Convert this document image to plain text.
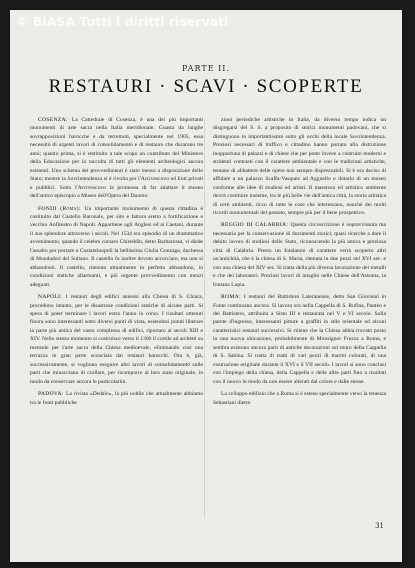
© BiASA Tutti i diritti riservati
PARTE II.
RESTAURI · SCAVI · SCOPERTE

COSENZA: La Cattedrale di Cosenza, è una dei più importanti monumenti di arte sacra nella Italia meridionale. Guasta da lunghe sovrapposizioni barocche e da terremoti, specialmente nel 1905, essa necessitò di urgenti lavori di consolidamento e di restauro che durarono tre anni; quanto prima, si è restituito a tale scopo un contributo del Ministero della Educazione per la raccolta di tutti gli elementi archeologici ancora esistenti. Uno schema dei provvedimenti è stato messo a disposizione dello Stato; mentre la Sovrintendenza si è rivolta per l'Arcivescovo ed Enti privati e pubblici. Sotto l'Arcivescovo la promessa di far adattare il museo dell'antico episcopio a Museo dell'Opera del Duomo.

FONDI (Roma): Un importante monumento di questa cittadina è costituito dal Castello Baronale, per sito e fattura eretto a fortificazione e vecchio Anfiteatro di Napoli. Appartiene agli Anglesi ed ai Caetani, durante il suo splendore attraverso i secoli. Nel 1534 era episodio di un drammatico avvenimento, quando il celebre corsaro Chireddin, detto Barbarossa, vi diede l'assalto per portare a Costantinopoli la bellissima Giulia Gonzaga, duchessa di Mondadori del Sultano. Il castello fu inoltre dovuto accorciare, ma non si abbandonò. Il castello, ritenuto attualmente in perfetto abbandono, in condizioni statiche allarmanti, e più urgente provvedimento con mezzi adeguati.

NAPOLI: I restauri degli edifici annessi alla Chiesa di S. Chiara, procedono intanto, per le disastrose condizioni statiche di alcune parti. Si spera di poter terminare i lavori entro l'anno in corso. I risultati ottenuti finora sono interessanti sotto diversi punti di vista, essendosi potuti liberare la parte più antica del vasto complesso di edifici, riportato ai secoli XIII e XIV. Nello stesso momento si costruisce verso il 1300 il cortile ad archetti su mensole per l'arte sacra della Chiesa medioevale, eliminando così una terrazza in gran parte sconciata dai restauri barocchi. Ora è, già, successivamente, si vogliono eseguire altri lavori di consolidamento sulle parti che minacciano di crollare, per ricomporre al loro stato originale, in modo da conservare ancora le particolarità.

PADOVA: La rivista «Dedalo», la più nobile che attualmente abbiamo tra le fonti pubbliche

zioni periodiche artistiche in Italia, da diverso tempo indica un disgregarsi del S. S. a proposito di storici monumenti padovani, che si distinguono in importantissimi sotto gli occhi della locale Sovrintendenza. Preziosi necessari di traffico e cittadino hanno portato alla distruzione inopportuna di palazzi e di chiese che per poter invece a costruire moderni e stridenti contrasti con il carattere ambientale e con le tradizioni artistiche, tentano di abbattere delle opere non sempre disprezzabili. Si è ora deciso di affidare a un palazzo Scaffa-Vasquez ad Agguello e dotarlo di un museo conforme alle idee di studiosi ed artisti. Il maestoso ed artistico ambiente dovrà costituire insieme, tra le più belle vie dell'antica città, la storia artistica di certi ambienti, ricco di tutte le cose che interessano, nonché dei molti ricordi monumentali del passato, sempre più per il bene prospettivo.

REGGIO DI CALABRIA: Questa circoscrizione è sopravvissuta ma necessaria per la conservazione di documenti storici, quasi ricerche a dare il debito lavoro di studiosi dello Stato, riconoscendo la più antica e preziosa città di Calabria. Presto un fondatore di carattere verrà scoperto altri un'antichità, che è la chiesa di S. Maria, ritenuta in due pezzi nel XVI sec. e con una chiesa del XIV sec. Si tratta della più diversa lavorazione dei metalli e che dei laboratori. Preziosi lavori di intaglio nelle Chiese dell'Assunta, la fontana Lupia.

ROMA: I restauri del Battistero Lateranense, detto San Giovanni in Fonte continuano ancora. Si lavora ora nella Cappella di S. Rufina, Panteo e del Battistero, attribuita a Sisto III e restaurata nel V e VI secolo. Sulla parete d'ingresso, interessanti pitture a graffiti in stile orientale ed alcuni caratteristici restauri successivi. Si ritiene che la Chiesa abbia trovato posto in una nuova ubicazione, probabilmente di Monsignor Frezza a Roma, e sembra esistono ancora parti di antiche decorazioni sul muro della Cappella di S. Sabina. Si tratta di tratti di vari pezzi di marmi colorati, di una costruzione originale durante il XVI e il VII secolo. I lavori si sono conclusi con l'impiego della chiesa, della Cappella e delle altre parti fino a risultati con il nuovo in modo da non essere alterati dal colore e dalle stesse.

La sviluppo edilizio che a Roma si è esteso specialmente verso la tenenza Sebastiani dietro

31
